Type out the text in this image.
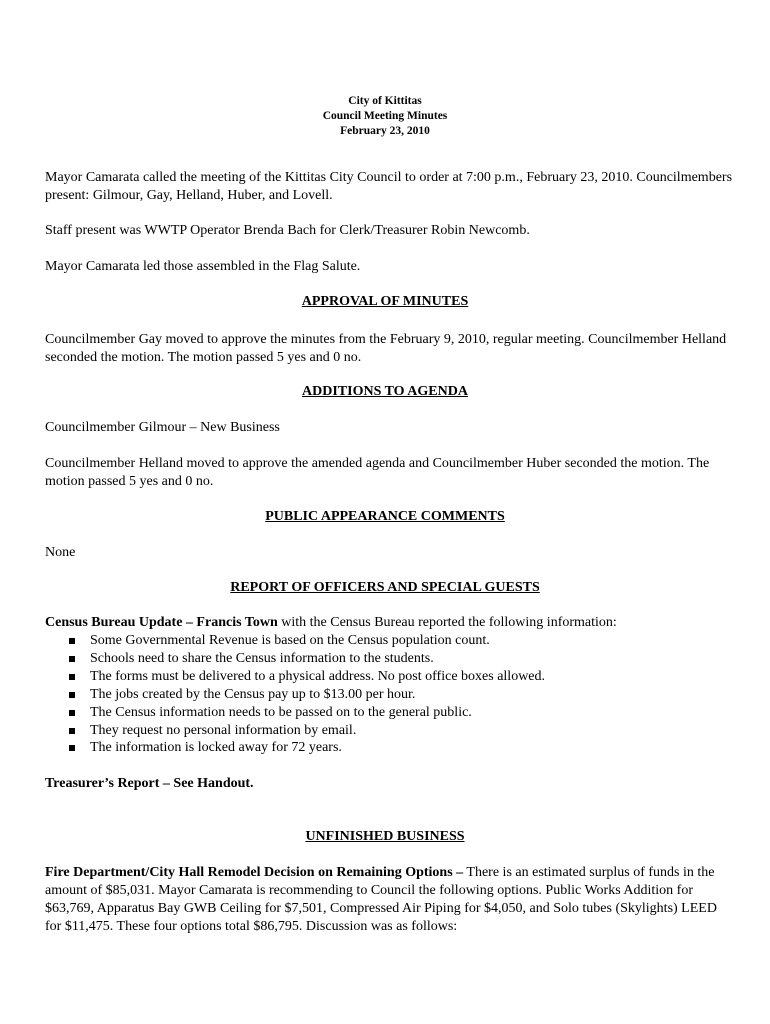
City of Kittitas
Council Meeting Minutes
February 23, 2010

Mayor Camarata called the meeting of the Kittitas City Council to order at 7:00 p.m., February 23, 2010. Councilmembers present: Gilmour, Gay, Helland, Huber, and Lovell.

Staff present was WWTP Operator Brenda Bach for Clerk/Treasurer Robin Newcomb.

Mayor Camarata led those assembled in the Flag Salute.

APPROVAL OF MINUTES

Councilmember Gay moved to approve the minutes from the February 9, 2010, regular meeting. Councilmember Helland seconded the motion. The motion passed 5 yes and 0 no.

ADDITIONS TO AGENDA

Councilmember Gilmour – New Business

Councilmember Helland moved to approve the amended agenda and Councilmember Huber seconded the motion. The motion passed 5 yes and 0 no.

PUBLIC APPEARANCE COMMENTS

None

REPORT OF OFFICERS AND SPECIAL GUESTS

Census Bureau Update – Francis Town with the Census Bureau reported the following information:

Some Governmental Revenue is based on the Census population count.
Schools need to share the Census information to the students.
The forms must be delivered to a physical address. No post office boxes allowed.
The jobs created by the Census pay up to $13.00 per hour.
The Census information needs to be passed on to the general public.
They request no personal information by email.
The information is locked away for 72 years.

Treasurer’s Report – See Handout.

UNFINISHED BUSINESS

Fire Department/City Hall Remodel Decision on Remaining Options – There is an estimated surplus of funds in the amount of $85,031. Mayor Camarata is recommending to Council the following options. Public Works Addition for $63,769, Apparatus Bay GWB Ceiling for $7,501, Compressed Air Piping for $4,050, and Solo tubes (Skylights) LEED for $11,475. These four options total $86,795. Discussion was as follows:
